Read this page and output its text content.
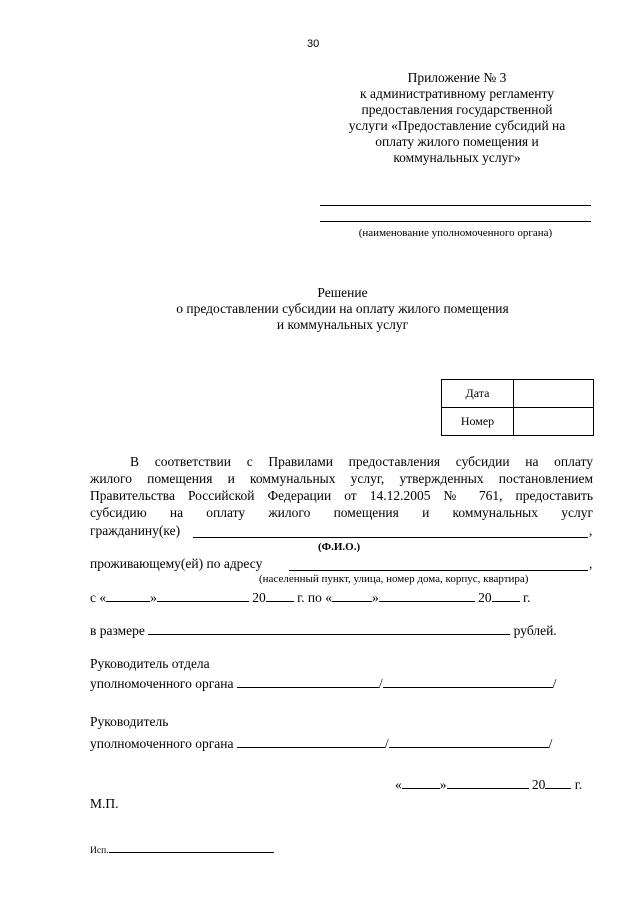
30
Приложение № 3
к административному регламенту
предоставления государственной
услуги «Предоставление субсидий на
оплату жилого помещения и
коммунальных услуг»
(наименование уполномоченного органа)
Решение
о предоставлении субсидии на оплату жилого помещения
и коммунальных услуг
Дата	
Номер	
В соответствии с Правилами предоставления субсидии на оплату
жилого помещения и коммунальных услуг, утвержденных постановлением
Правительства Российской Федерации от 14.12.2005 № 761, предоставить
субсидию на оплату жилого помещения и коммунальных услуг
гражданину(ке)	,
(Ф.И.О.)
проживающему(ей) по адресу	,
(населенный пункт, улица, номер дома, корпус, квартира)
с «	»	20 г. по «	»	20 г.
в размере	рублей.
Руководитель отдела
уполномоченного органа	/	/
Руководитель
уполномоченного органа	/	/
«	»	20 г.
М.П.
Исп.
